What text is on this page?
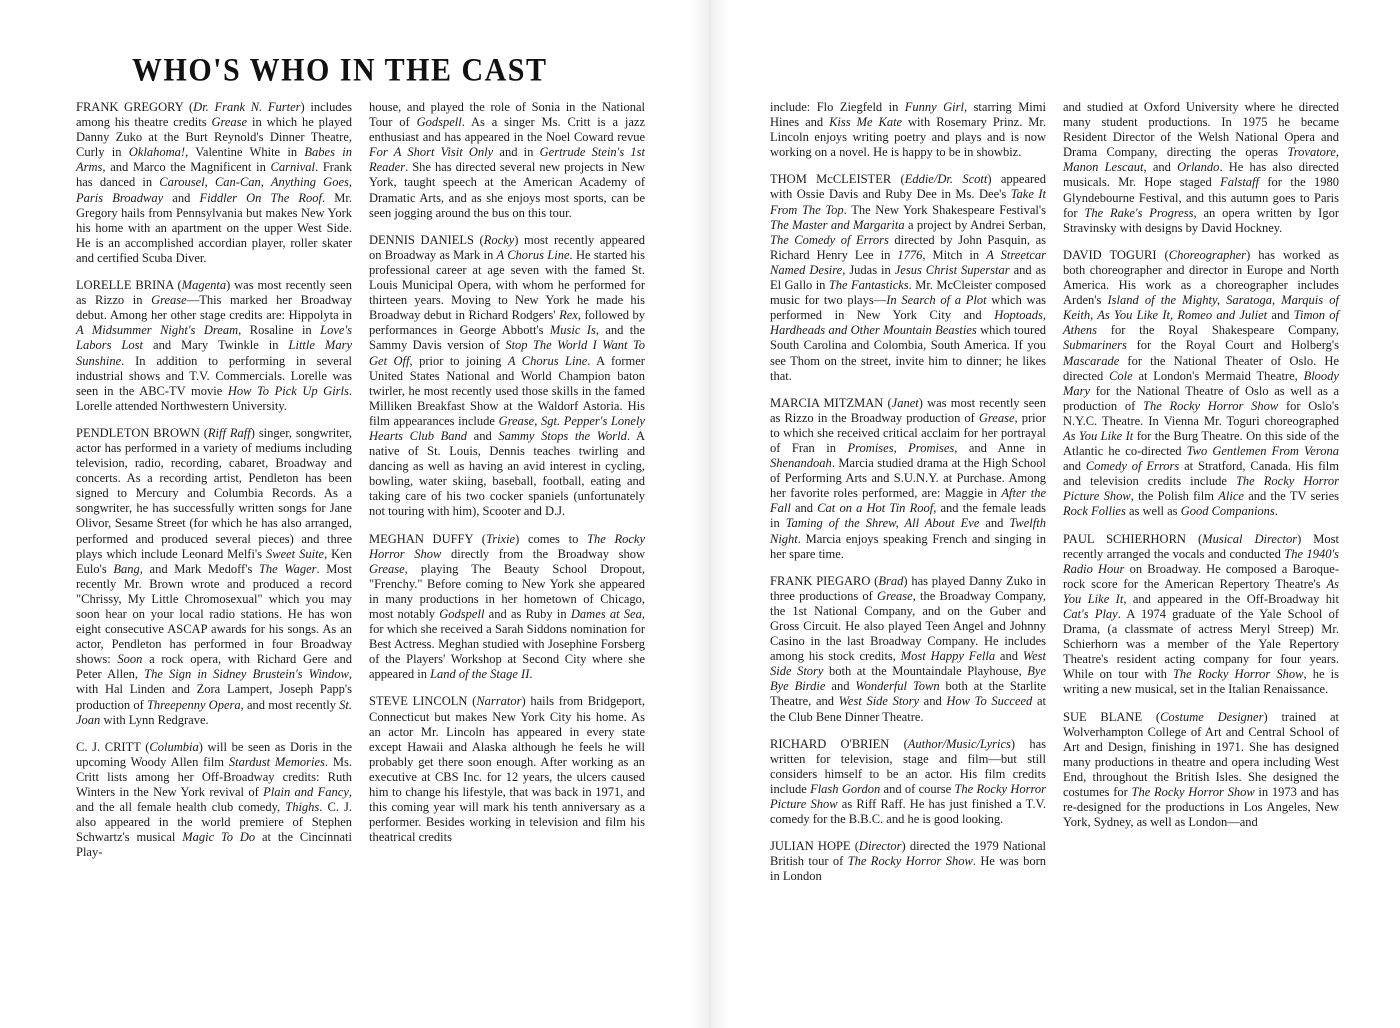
WHO'S WHO IN THE CAST

FRANK GREGORY (Dr. Frank N. Furter) includes among his theatre credits Grease in which he played Danny Zuko at the Burt Reynold's Dinner Theatre, Curly in Oklahoma!, Valentine White in Babes in Arms, and Marco the Magnificent in Carnival. Frank has danced in Carousel, Can-Can, Anything Goes, Paris Broadway and Fiddler On The Roof. Mr. Gregory hails from Pennsylvania but makes New York his home with an apartment on the upper West Side. He is an accomplished accordian player, roller skater and certified Scuba Diver.

LORELLE BRINA (Magenta) was most recently seen as Rizzo in Grease—This marked her Broadway debut. Among her other stage credits are: Hippolyta in A Midsummer Night's Dream, Rosaline in Love's Labors Lost and Mary Twinkle in Little Mary Sunshine. In addition to performing in several industrial shows and T.V. Commercials. Lorelle was seen in the ABC-TV movie How To Pick Up Girls. Lorelle attended Northwestern University.

PENDLETON BROWN (Riff Raff) singer, songwriter, actor has performed in a variety of mediums including television, radio, recording, cabaret, Broadway and concerts. As a recording artist, Pendleton has been signed to Mercury and Columbia Records. As a songwriter, he has successfully written songs for Jane Olivor, Sesame Street (for which he has also arranged, performed and produced several pieces) and three plays which include Leonard Melfi's Sweet Suite, Ken Eulo's Bang, and Mark Medoff's The Wager. Most recently Mr. Brown wrote and produced a record "Chrissy, My Little Chromosexual" which you may soon hear on your local radio stations. He has won eight consecutive ASCAP awards for his songs. As an actor, Pendleton has performed in four Broadway shows: Soon a rock opera, with Richard Gere and Peter Allen, The Sign in Sidney Brustein's Window, with Hal Linden and Zora Lampert, Joseph Papp's production of Threepenny Opera, and most recently St. Joan with Lynn Redgrave.

C. J. CRITT (Columbia) will be seen as Doris in the upcoming Woody Allen film Stardust Memories. Ms. Critt lists among her Off-Broadway credits: Ruth Winters in the New York revival of Plain and Fancy, and the all female health club comedy, Thighs. C. J. also appeared in the world premiere of Stephen Schwartz's musical Magic To Do at the Cincinnati Play-

house, and played the role of Sonia in the National Tour of Godspell. As a singer Ms. Critt is a jazz enthusiast and has appeared in the Noel Coward revue For A Short Visit Only and in Gertrude Stein's 1st Reader. She has directed several new projects in New York, taught speech at the American Academy of Dramatic Arts, and as she enjoys most sports, can be seen jogging around the bus on this tour.

DENNIS DANIELS (Rocky) most recently appeared on Broadway as Mark in A Chorus Line. He started his professional career at age seven with the famed St. Louis Municipal Opera, with whom he performed for thirteen years. Moving to New York he made his Broadway debut in Richard Rodgers' Rex, followed by performances in George Abbott's Music Is, and the Sammy Davis version of Stop The World I Want To Get Off, prior to joining A Chorus Line. A former United States National and World Champion baton twirler, he most recently used those skills in the famed Milliken Breakfast Show at the Waldorf Astoria. His film appearances include Grease, Sgt. Pepper's Lonely Hearts Club Band and Sammy Stops the World. A native of St. Louis, Dennis teaches twirling and dancing as well as having an avid interest in cycling, bowling, water skiing, baseball, football, eating and taking care of his two cocker spaniels (unfortunately not touring with him), Scooter and D.J.

MEGHAN DUFFY (Trixie) comes to The Rocky Horror Show directly from the Broadway show Grease, playing The Beauty School Dropout, "Frenchy." Before coming to New York she appeared in many productions in her hometown of Chicago, most notably Godspell and as Ruby in Dames at Sea, for which she received a Sarah Siddons nomination for Best Actress. Meghan studied with Josephine Forsberg of the Players' Workshop at Second City where she appeared in Land of the Stage II.

STEVE LINCOLN (Narrator) hails from Bridgeport, Connecticut but makes New York City his home. As an actor Mr. Lincoln has appeared in every state except Hawaii and Alaska although he feels he will probably get there soon enough. After working as an executive at CBS Inc. for 12 years, the ulcers caused him to change his lifestyle, that was back in 1971, and this coming year will mark his tenth anniversary as a performer. Besides working in television and film his theatrical credits

include: Flo Ziegfeld in Funny Girl, starring Mimi Hines and Kiss Me Kate with Rosemary Prinz. Mr. Lincoln enjoys writing poetry and plays and is now working on a novel. He is happy to be in showbiz.

THOM McCLEISTER (Eddie/Dr. Scott) appeared with Ossie Davis and Ruby Dee in Ms. Dee's Take It From The Top. The New York Shakespeare Festival's The Master and Margarita a project by Andrei Serban, The Comedy of Errors directed by John Pasquin, as Richard Henry Lee in 1776, Mitch in A Streetcar Named Desire, Judas in Jesus Christ Superstar and as El Gallo in The Fantasticks. Mr. McCleister composed music for two plays—In Search of a Plot which was performed in New York City and Hoptoads, Hardheads and Other Mountain Beasties which toured South Carolina and Colombia, South America. If you see Thom on the street, invite him to dinner; he likes that.

MARCIA MITZMAN (Janet) was most recently seen as Rizzo in the Broadway production of Grease, prior to which she received critical acclaim for her portrayal of Fran in Promises, Promises, and Anne in Shenandoah. Marcia studied drama at the High School of Performing Arts and S.U.N.Y. at Purchase. Among her favorite roles performed, are: Maggie in After the Fall and Cat on a Hot Tin Roof, and the female leads in Taming of the Shrew, All About Eve and Twelfth Night. Marcia enjoys speaking French and singing in her spare time.

FRANK PIEGARO (Brad) has played Danny Zuko in three productions of Grease, the Broadway Company, the 1st National Company, and on the Guber and Gross Circuit. He also played Teen Angel and Johnny Casino in the last Broadway Company. He includes among his stock credits, Most Happy Fella and West Side Story both at the Mountaindale Playhouse, Bye Bye Birdie and Wonderful Town both at the Starlite Theatre, and West Side Story and How To Succeed at the Club Bene Dinner Theatre.

RICHARD O'BRIEN (Author/Music/Lyrics) has written for television, stage and film—but still considers himself to be an actor. His film credits include Flash Gordon and of course The Rocky Horror Picture Show as Riff Raff. He has just finished a T.V. comedy for the B.B.C. and he is good looking.

JULIAN HOPE (Director) directed the 1979 National British tour of The Rocky Horror Show. He was born in London

and studied at Oxford University where he directed many student productions. In 1975 he became Resident Director of the Welsh National Opera and Drama Company, directing the operas Trovatore, Manon Lescaut, and Orlando. He has also directed musicals. Mr. Hope staged Falstaff for the 1980 Glyndebourne Festival, and this autumn goes to Paris for The Rake's Progress, an opera written by Igor Stravinsky with designs by David Hockney.

DAVID TOGURI (Choreographer) has worked as both choreographer and director in Europe and North America. His work as a choreographer includes Arden's Island of the Mighty, Saratoga, Marquis of Keith, As You Like It, Romeo and Juliet and Timon of Athens for the Royal Shakespeare Company, Submariners for the Royal Court and Holberg's Mascarade for the National Theater of Oslo. He directed Cole at London's Mermaid Theatre, Bloody Mary for the National Theatre of Oslo as well as a production of The Rocky Horror Show for Oslo's N.Y.C. Theatre. In Vienna Mr. Toguri choreographed As You Like It for the Burg Theatre. On this side of the Atlantic he co-directed Two Gentlemen From Verona and Comedy of Errors at Stratford, Canada. His film and television credits include The Rocky Horror Picture Show, the Polish film Alice and the TV series Rock Follies as well as Good Companions.

PAUL SCHIERHORN (Musical Director) Most recently arranged the vocals and conducted The 1940's Radio Hour on Broadway. He composed a Baroque-rock score for the American Repertory Theatre's As You Like It, and appeared in the Off-Broadway hit Cat's Play. A 1974 graduate of the Yale School of Drama, (a classmate of actress Meryl Streep) Mr. Schierhorn was a member of the Yale Repertory Theatre's resident acting company for four years. While on tour with The Rocky Horror Show, he is writing a new musical, set in the Italian Renaissance.

SUE BLANE (Costume Designer) trained at Wolverhampton College of Art and Central School of Art and Design, finishing in 1971. She has designed many productions in theatre and opera including West End, throughout the British Isles. She designed the costumes for The Rocky Horror Show in 1973 and has re-designed for the productions in Los Angeles, New York, Sydney, as well as London—and
